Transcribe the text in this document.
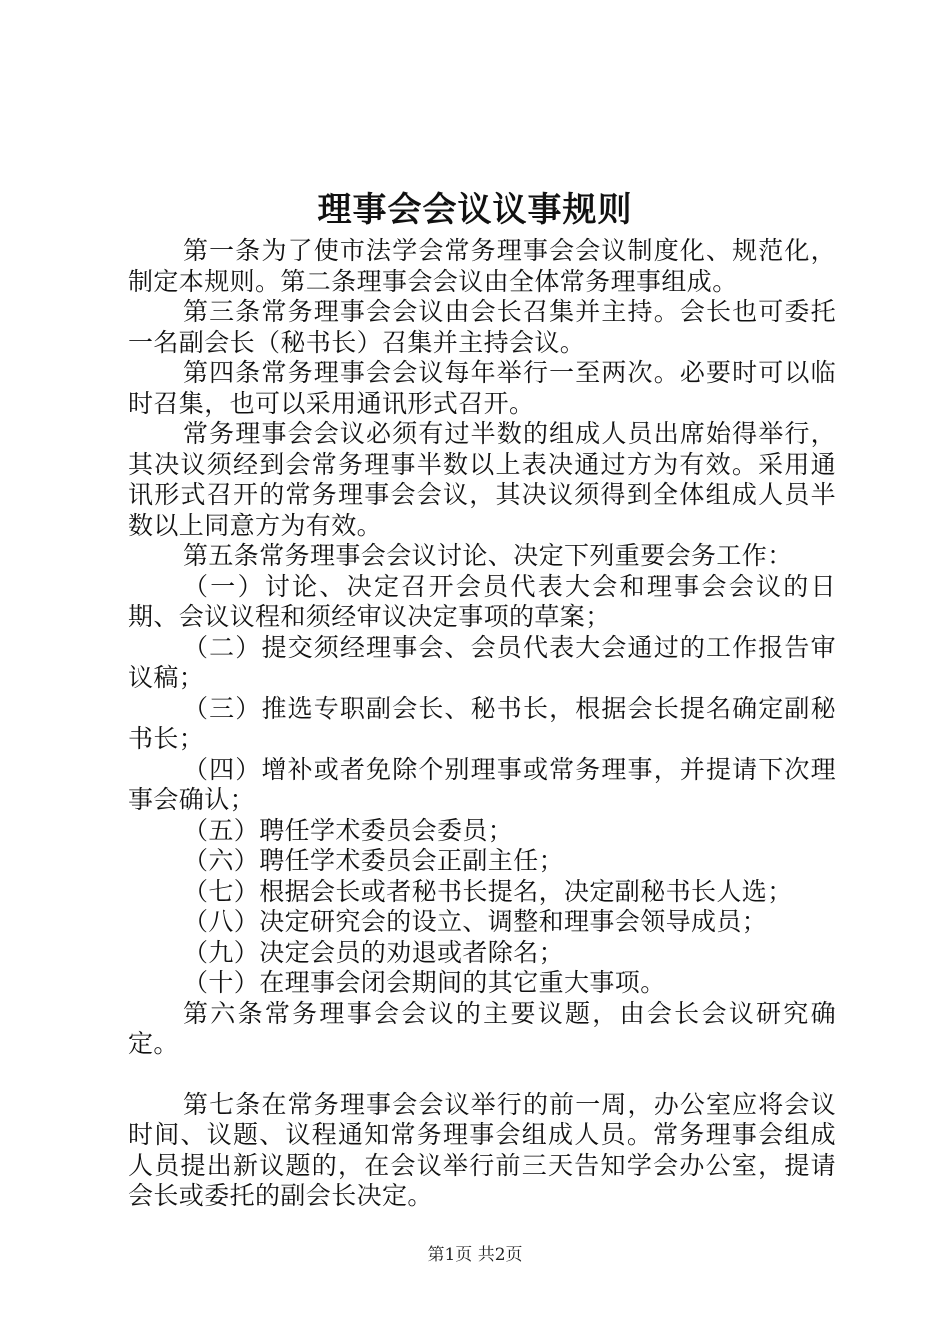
理事会会议议事规则

第一条为了使市法学会常务理事会会议制度化、规范化，制定本规则。第二条理事会会议由全体常务理事组成。

第三条常务理事会会议由会长召集并主持。会长也可委托一名副会长（秘书长）召集并主持会议。

第四条常务理事会会议每年举行一至两次。必要时可以临时召集，也可以采用通讯形式召开。

常务理事会会议必须有过半数的组成人员出席始得举行，其决议须经到会常务理事半数以上表决通过方为有效。采用通讯形式召开的常务理事会会议，其决议须得到全体组成人员半数以上同意方为有效。

第五条常务理事会会议讨论、决定下列重要会务工作：

（一）讨论、决定召开会员代表大会和理事会会议的日期、会议议程和须经审议决定事项的草案；

（二）提交须经理事会、会员代表大会通过的工作报告审议稿；

（三）推选专职副会长、秘书长，根据会长提名确定副秘书长；

（四）增补或者免除个别理事或常务理事，并提请下次理事会确认；

（五）聘任学术委员会委员；

（六）聘任学术委员会正副主任；

（七）根据会长或者秘书长提名，决定副秘书长人选；

（八）决定研究会的设立、调整和理事会领导成员；

（九）决定会员的劝退或者除名；

（十）在理事会闭会期间的其它重大事项。

第六条常务理事会会议的主要议题，由会长会议研究确定。

第七条在常务理事会会议举行的前一周，办公室应将会议时间、议题、议程通知常务理事会组成人员。常务理事会组成人员提出新议题的，在会议举行前三天告知学会办公室，提请会长或委托的副会长决定。

第1页 共2页
